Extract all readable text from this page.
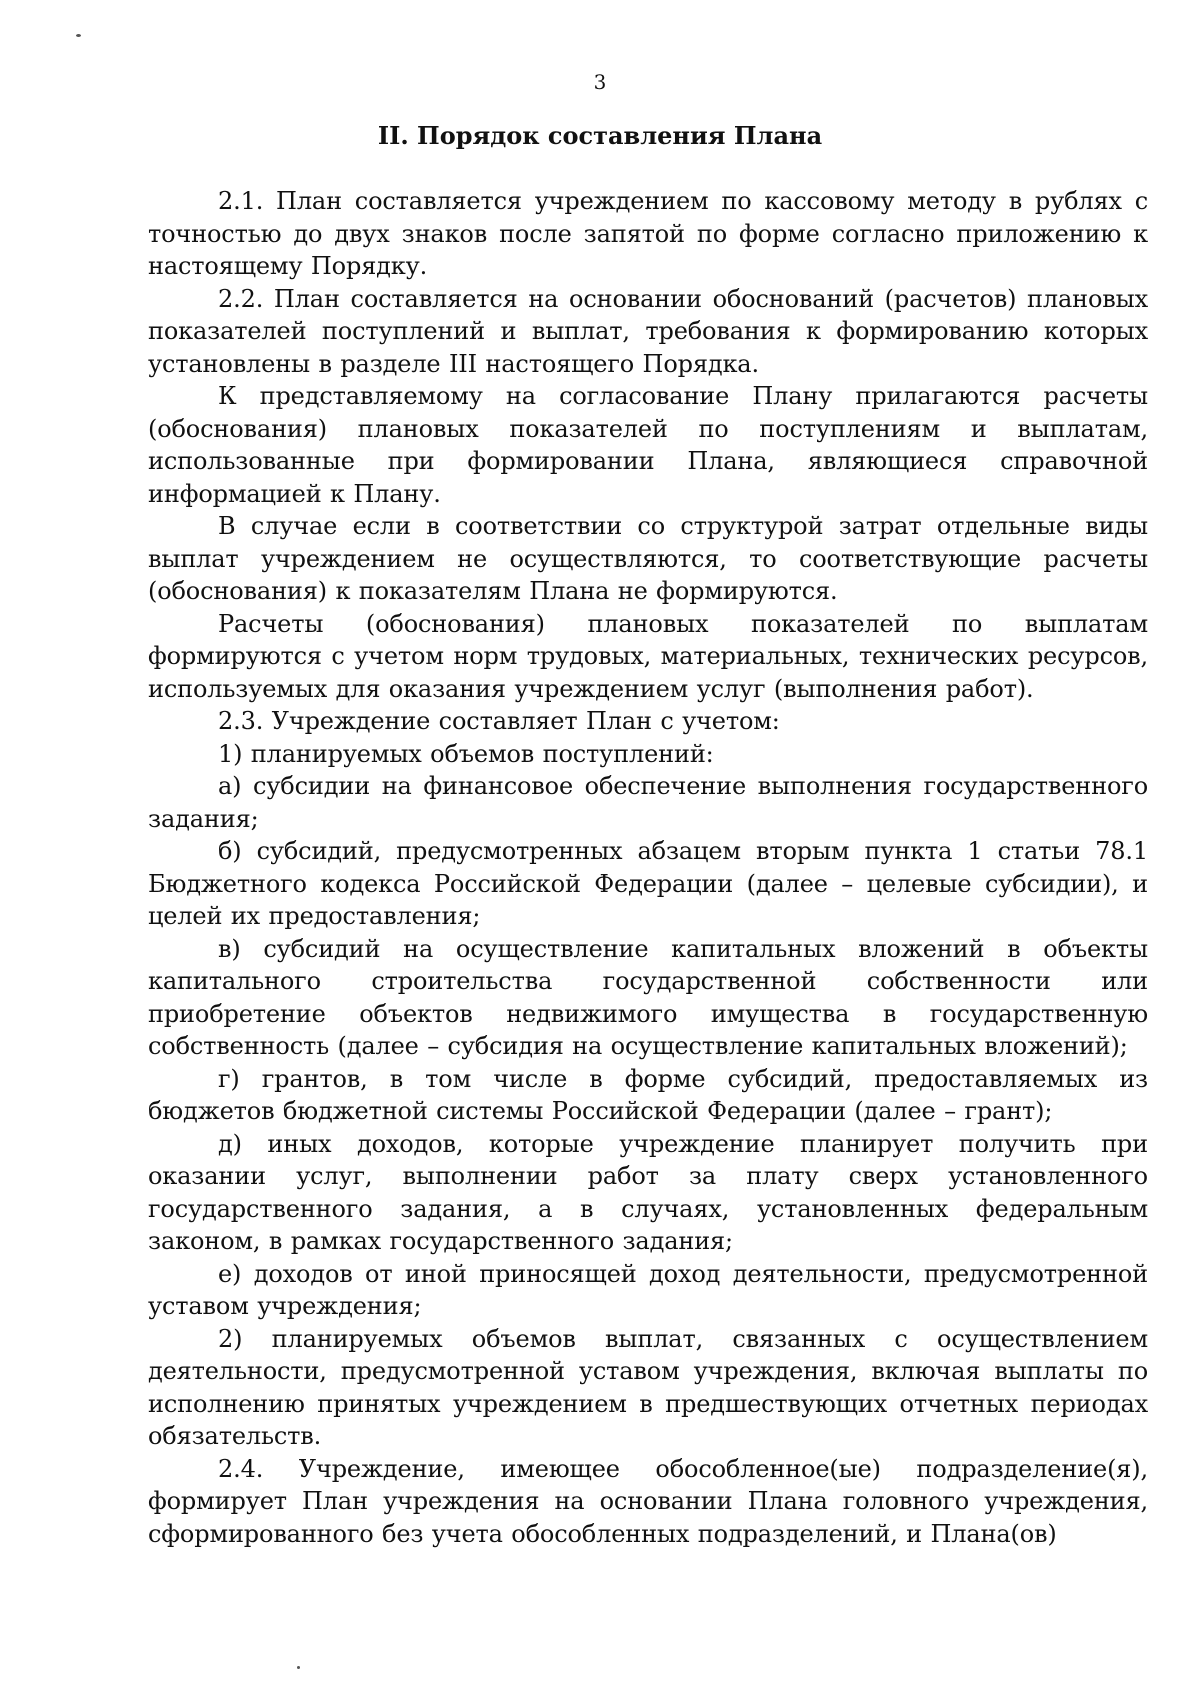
3
II. Порядок составления Плана

2.1. План составляется учреждением по кассовому методу в рублях с точностью до двух знаков после запятой по форме согласно приложению к настоящему Порядку.

2.2. План составляется на основании обоснований (расчетов) плановых показателей поступлений и выплат, требования к формированию которых установлены в разделе III настоящего Порядка.

К представляемому на согласование Плану прилагаются расчеты (обоснования) плановых показателей по поступлениям и выплатам, использованные при формировании Плана, являющиеся справочной информацией к Плану.

В случае если в соответствии со структурой затрат отдельные виды выплат учреждением не осуществляются, то соответствующие расчеты (обоснования) к показателям Плана не формируются.

Расчеты (обоснования) плановых показателей по выплатам формируются с учетом норм трудовых, материальных, технических ресурсов, используемых для оказания учреждением услуг (выполнения работ).

2.3. Учреждение составляет План с учетом:

1) планируемых объемов поступлений:

а) субсидии на финансовое обеспечение выполнения государственного задания;

б) субсидий, предусмотренных абзацем вторым пункта 1 статьи 78.1 Бюджетного кодекса Российской Федерации (далее – целевые субсидии), и целей их предоставления;

в) субсидий на осуществление капитальных вложений в объекты капитального строительства государственной собственности или приобретение объектов недвижимого имущества в государственную собственность (далее – субсидия на осуществление капитальных вложений);

г) грантов, в том числе в форме субсидий, предоставляемых из бюджетов бюджетной системы Российской Федерации (далее – грант);

д) иных доходов, которые учреждение планирует получить при оказании услуг, выполнении работ за плату сверх установленного государственного задания, а в случаях, установленных федеральным законом, в рамках государственного задания;

е) доходов от иной приносящей доход деятельности, предусмотренной уставом учреждения;

2) планируемых объемов выплат, связанных с осуществлением деятельности, предусмотренной уставом учреждения, включая выплаты по исполнению принятых учреждением в предшествующих отчетных периодах обязательств.

2.4. Учреждение, имеющее обособленное(ые) подразделение(я), формирует План учреждения на основании Плана головного учреждения, сформированного без учета обособленных подразделений, и Плана(ов)
